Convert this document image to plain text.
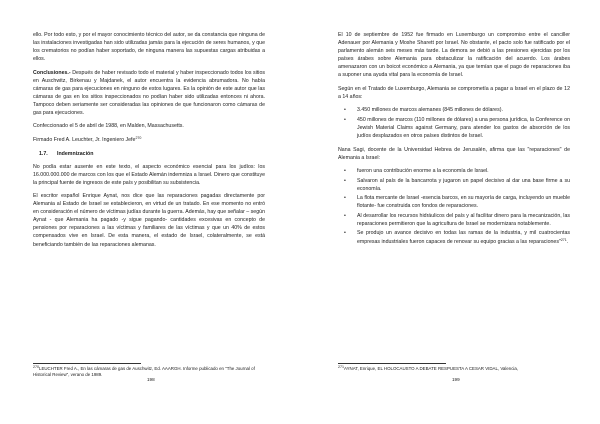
ello. Por todo esto, y por el mayor conocimiento técnico del autor, se da constancia que ninguna de las instalaciones investigadas han sido utilizadas jamás para la ejecución de seres humanos, y que los crematorios no podían haber soportado, de ninguna manera las supuestas cargas atribuidas a ellos.

Conclusiones.- Después de haber revisado todo el material y haber inspeccionado todos los sitios en Auschwitz, Birkenau y Majdanek, el autor encuentra la evidencia abrumadora. No había cámaras de gas para ejecuciones en ninguno de estos lugares. Es la opinión de este autor que las cámaras de gas en los sitios inspeccionados no podían haber sido utilizadas entonces ni ahora. Tampoco deben seriamente ser consideradas las opiniones de que funcionaron como cámaras de gas para ejecuciones.

Confeccionado el 5 de abril de 1988, en Malden, Massachusetts.

Firmado Fred A. Leuchter, Jr. Ingeniero Jefe$^{270}$

1.7. Indemnización

No podía estar ausente en este texto, el aspecto económico esencial para los judíos: los 16.000.000.000 de marcos con los que el Estado Alemán indemniza a Israel. Dinero que constituye la principal fuente de ingresos de este país y posibilitan su subsistencia.

El escritor español Enrique Aynat, nos dice que las reparaciones pagadas directamente por Alemania al Estado de Israel se establecieron, en virtud de un tratado. En ese momento no entró en consideración el número de víctimas judías durante la guerra. Además, hay que señalar – según Aynat - que Alemania ha pagado -y sigue pagando- cantidades excesivas en concepto de pensiones por reparaciones a las víctimas y familiares de las víctimas y que un 40% de estos compensados vive en Israel. De esta manera, el estado de Israel, colateralmente, se está beneficiando también de las reparaciones alemanas.

$^{270}$LEUCHTER Fred A., En las cámaras de gas de Auschwitz, Ed. AAARGH. Informe publicado en "The Journal of Historical Review", verano de 1989.
198

El 10 de septiembre de 1952 fue firmado en Luxemburgo un compromiso entre el canciller Adenauer por Alemania y Moshe Sharett por Israel. No obstante, el pacto solo fue ratificado por el parlamento alemán seis meses más tarde. La demora se debió a las presiones ejercidas por los países árabes sobre Alemania para obstaculizar la ratificación del acuerdo. Los árabes amenazaron con un boicot económico a Alemania, ya que temían que el pago de reparaciones iba a suponer una ayuda vital para la economía de Israel.

Según en el Tratado de Luxemburgo, Alemania se comprometía a pagar a Israel en el plazo de 12 a 14 años:

• 3.450 millones de marcos alemanes (845 millones de dólares).
• 450 millones de marcos (110 millones de dólares) a una persona jurídica, la Conference on Jewish Material Claims against Germany, para atender los gastos de absorción de los judíos desplazados en otros países distintos de Israel.

Nana Sagi, docente de la Universidad Hebrea de Jerusalén, afirma que las "reparaciones" de Alemania a Israel:

• fueron una contribución enorme a la economía de Israel.
• Salvaron al país de la bancarrota y jugaron un papel decisivo al dar una base firme a su economía.
• La flota mercante de Israel -esencia barcos, en su mayoría de carga, incluyendo un mueble flotante- fue construida con fondos de reparaciones.
• Al desarrollar los recursos hidráulicos del país y al facilitar dinero para la mecanización, las reparaciones permitieron que la agricultura de Israel se modernizara notablemente.
• Se produjo un avance decisivo en todas las ramas de la industria, y mil cuatrocientas empresas industriales fueron capaces de renovar su equipo gracias a las reparaciones"$^{271}$.
$^{271}$AYNAT, Enrique, EL HOLOCAUSTO A DEBATE RESPUESTA A CESAR VIDAL, Valencia,
199
